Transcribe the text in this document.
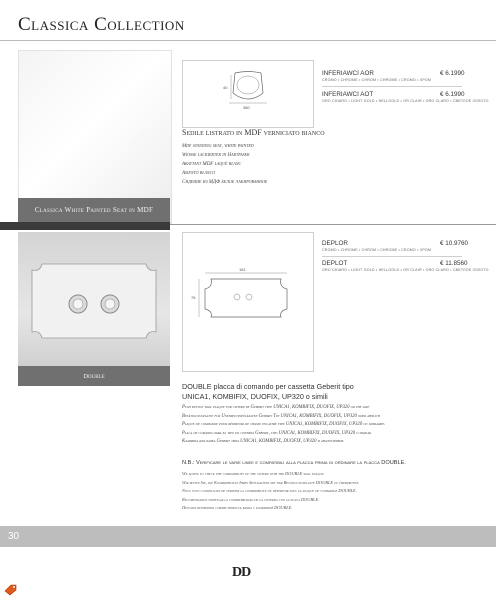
Classica Collection
Classica White Painted Seat in MDF
40
380
INFERIAWCI AOR	€ 6.1990
CROMO • CHROME • CHROM • CHROME • CROMO • ХРОМ
INFERIAWCI AOT	€ 6.1990
ORO CHIARO • LIGHT GOLD • HELLGOLD • OR CLAIR • ORO CLARO • СВЕТЛОЕ ЗОЛОТО
Sedile listrato in MDF verniciato bianco
Mdf standing seat, white painted
Weiße lackierter in Hartfaser
Abattant MDF laqué blanc
Asiento blanco
Сидение из МДФ белое лакированное
Double
181
76
DEPLOR	€ 10.9760
CROMO • CHROME • CHROM • CHROME • CROMO • ХРОМ
DEPLOT	€ 11.8560
ORO CHIARO • LIGHT GOLD • HELLGOLD • OR CLAIR • ORO CLARO • СВЕТЛОЕ ЗОЛОТО
DOUBLE placca di comando per cassetta Geberit tipo
UNICA1, KOMBIFIX, DUOFIX, UP320 o simili
Push button wall plaque for cistern by Geberit type UNICA1, KOMBIFIX, DUOFIX, UP320 or the like
Betätigungsplatte für Unterputzspülkasten Geberit Typ UNICA1, KOMBIFIX, DUOFIX, UP320 oder ähnlich
Plaque de commande pour réservoir de chasse encastré type UNICA1, KOMBIFIX, DUOFIX, UP320 ou similaires
Placa de comando para el tipo de cisterna Geberit, tipo UNICA1, KOMBIFIX, DUOFIX, UP320 o similar
Клавиша для бачка Geberit типа UNICA1, KOMBIFIX, DUOFIX, UP320 и аналогичные
N.B.: Verificare le varie linee e compatibili alla placca prima di ordinare la placca DOUBLE.
We advise to check the compatibility of the cistern with the DOUBLE wall plaque.
Wir bitten Sie, die Kompatibilität Ihres Spülkastens mit der Betätigungsplatte DOUBLE zu überprüfen.
Nous vous conseillons de vérifier la compatibilité du réservoir avec la plaque de commande DOUBLE.
Recomendamos verificar la compatibilidad de la cisterna con la placa DOUBLE.
Просим проверить совместимость бачка с клавишей DOUBLE.
30
DD
